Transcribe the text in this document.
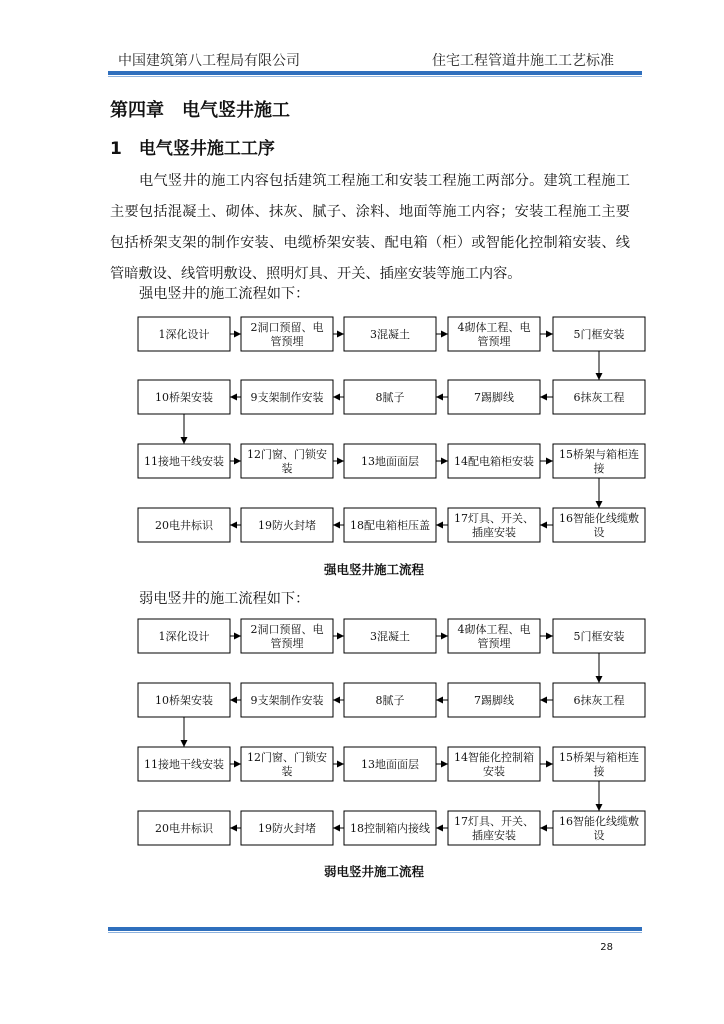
中国建筑第八工程局有限公司	住宅工程管道井施工工艺标准
第四章　电气竖井施工
1　电气竖井施工工序
电气竖井的施工内容包括建筑工程施工和安装工程施工两部分。建筑工程施工主要包括混凝土、砌体、抹灰、腻子、涂料、地面等施工内容；安装工程施工主要包括桥架支架的制作安装、电缆桥架安装、配电箱（柜）或智能化控制箱安装、线管暗敷设、线管明敷设、照明灯具、开关、插座安装等施工内容。
强电竖井的施工流程如下：
1深化设计
2洞口预留、电
管预埋
3混凝土
4砌体工程、电
管预埋
5门框安装
6抹灰工程
7踢脚线
8腻子
9支架制作安装
10桥架安装
11接地干线安装
12门窗、门锁安
装
13地面面层	14配电箱柜安装
15桥架与箱柜连
接
16智能化线缆敷
设
17灯具、开关、
插座安装
18配电箱柜压盖
19防火封堵
20电井标识
强电竖井施工流程
弱电竖井的施工流程如下：
1深化设计
2洞口预留、电
管预埋
3混凝土
4砌体工程、电
管预埋
5门框安装
6抹灰工程
7踢脚线
8腻子
9支架制作安装
10桥架安装
11接地干线安装
12门窗、门锁安
装
13地面面层
14智能化控制箱
安装
15桥架与箱柜连
接
16智能化线缆敷
设
17灯具、开关、
插座安装
18控制箱内接线
19防火封堵
20电井标识
弱电竖井施工流程
28
